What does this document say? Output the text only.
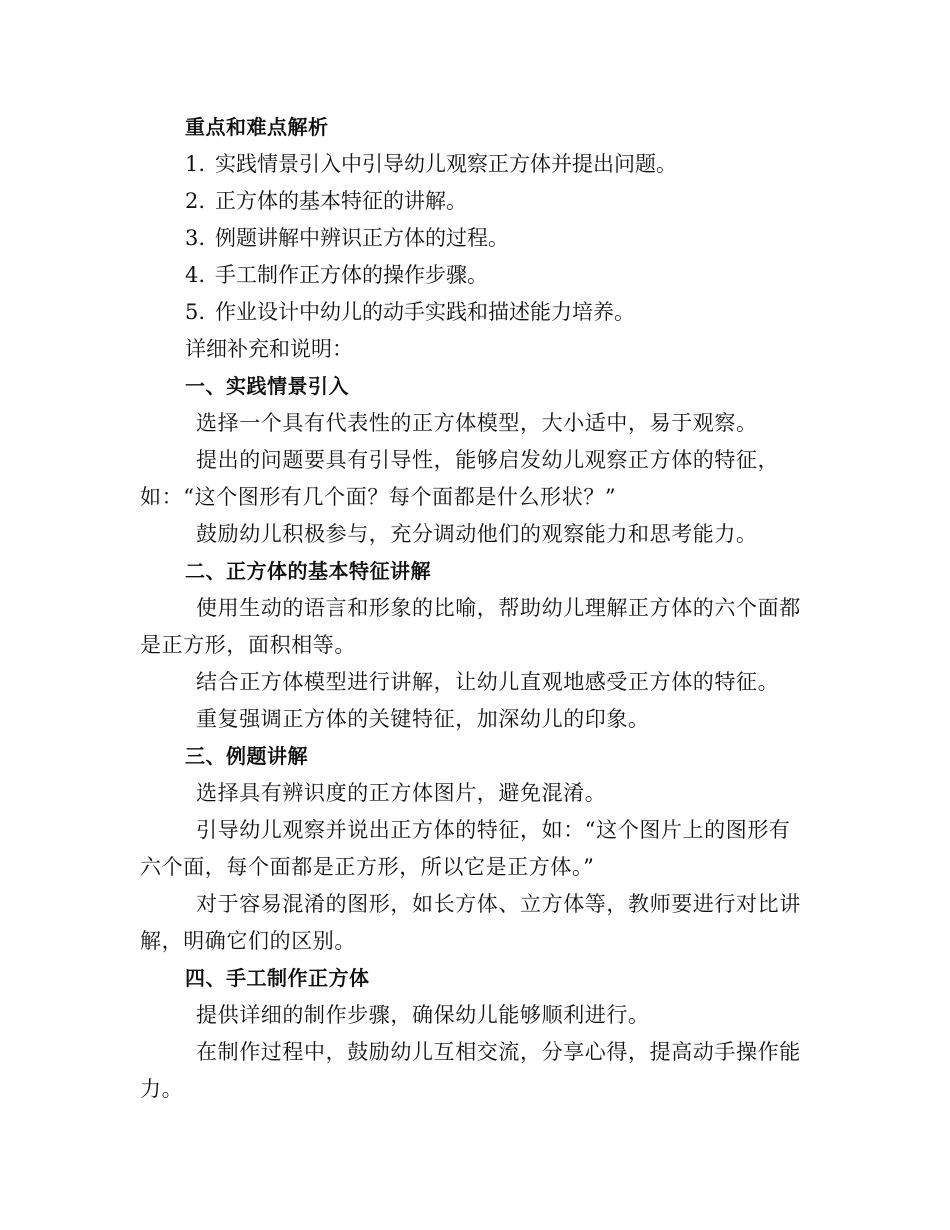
重点和难点解析

1. 实践情景引入中引导幼儿观察正方体并提出问题。

2. 正方体的基本特征的讲解。

3. 例题讲解中辨识正方体的过程。

4. 手工制作正方体的操作步骤。

5. 作业设计中幼儿的动手实践和描述能力培养。

详细补充和说明：

一、实践情景引入

选择一个具有代表性的正方体模型，大小适中，易于观察。

提出的问题要具有引导性，能够启发幼儿观察正方体的特征，如：“这个图形有几个面？每个面都是什么形状？”

鼓励幼儿积极参与，充分调动他们的观察能力和思考能力。

二、正方体的基本特征讲解

使用生动的语言和形象的比喻，帮助幼儿理解正方体的六个面都是正方形，面积相等。

结合正方体模型进行讲解，让幼儿直观地感受正方体的特征。

重复强调正方体的关键特征，加深幼儿的印象。

三、例题讲解

选择具有辨识度的正方体图片，避免混淆。

引导幼儿观察并说出正方体的特征，如：“这个图片上的图形有六个面，每个面都是正方形，所以它是正方体。”

对于容易混淆的图形，如长方体、立方体等，教师要进行对比讲解，明确它们的区别。

四、手工制作正方体

提供详细的制作步骤，确保幼儿能够顺利进行。

在制作过程中，鼓励幼儿互相交流，分享心得，提高动手操作能力。
